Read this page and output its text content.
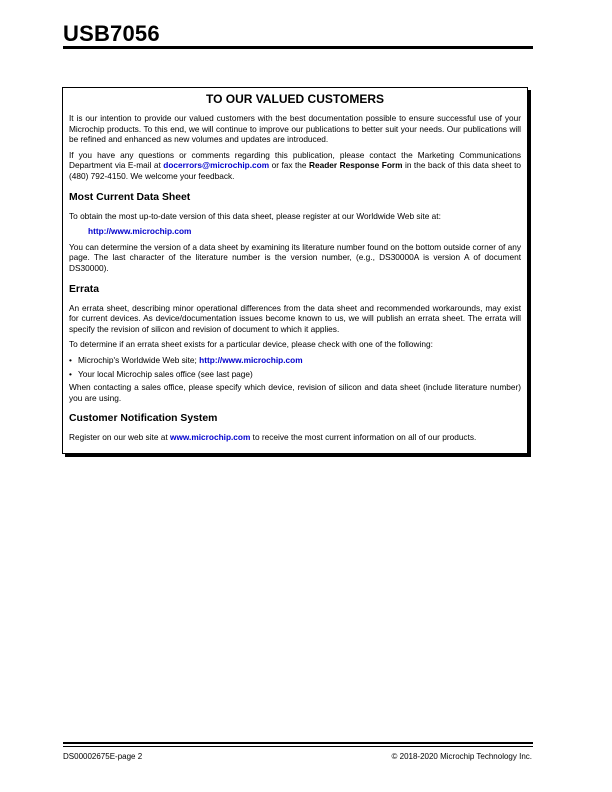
USB7056
TO OUR VALUED CUSTOMERS

It is our intention to provide our valued customers with the best documentation possible to ensure successful use of your Microchip products. To this end, we will continue to improve our publications to better suit your needs. Our publications will be refined and enhanced as new volumes and updates are introduced.

If you have any questions or comments regarding this publication, please contact the Marketing Communications Department via E-mail at docerrors@microchip.com or fax the Reader Response Form in the back of this data sheet to (480) 792-4150. We welcome your feedback.

Most Current Data Sheet

To obtain the most up-to-date version of this data sheet, please register at our Worldwide Web site at:

http://www.microchip.com

You can determine the version of a data sheet by examining its literature number found on the bottom outside corner of any page. The last character of the literature number is the version number, (e.g., DS30000A is version A of document DS30000).

Errata

An errata sheet, describing minor operational differences from the data sheet and recommended workarounds, may exist for current devices. As device/documentation issues become known to us, we will publish an errata sheet. The errata will specify the revision of silicon and revision of document to which it applies.

To determine if an errata sheet exists for a particular device, please check with one of the following:

• Microchip's Worldwide Web site; http://www.microchip.com
• Your local Microchip sales office (see last page)

When contacting a sales office, please specify which device, revision of silicon and data sheet (include literature number) you are using.

Customer Notification System

Register on our web site at www.microchip.com to receive the most current information on all of our products.

DS00002675E-page 2	© 2018-2020 Microchip Technology Inc.
